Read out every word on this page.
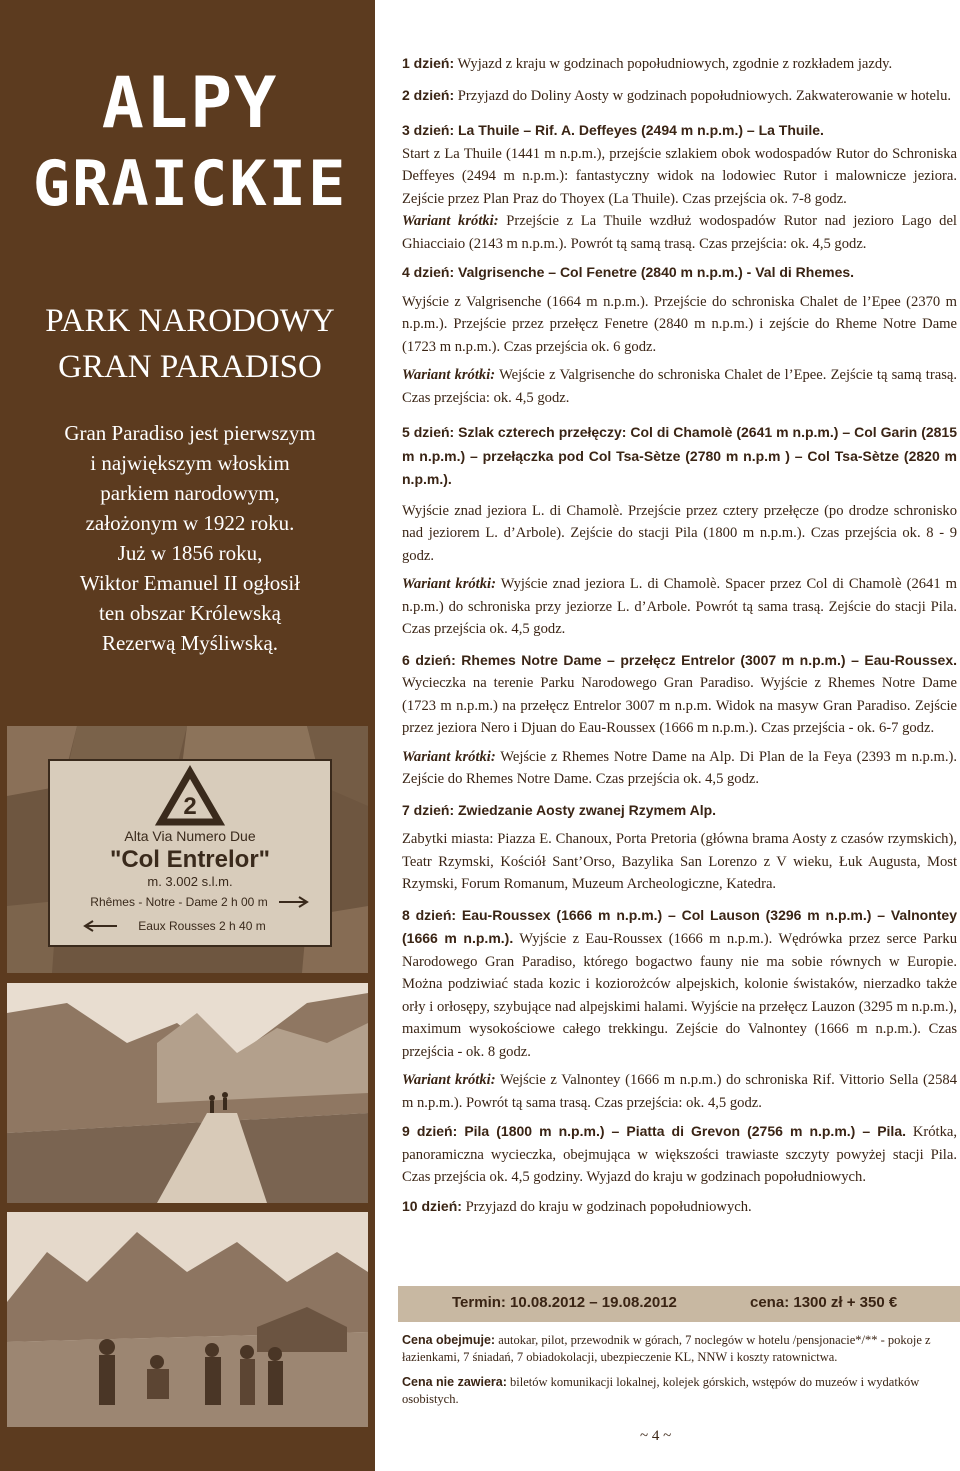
ALPY
GRAICKIE
PARK NARODOWY
GRAN PARADISO
Gran Paradiso jest pierwszym
i największym włoskim
parkiem narodowym,
założonym w 1922 roku.
Już w 1856 roku,
Wiktor Emanuel II ogłosił
ten obszar Królewską
Rezerwą Myśliwską.
2
Alta Via Numero Due
"Col Entrelor"
m. 3.002 s.l.m.
Rhêmes - Notre - Dame 2 h 00 m
Eaux Rousses 2 h 40 m

1 dzień: Wyjazd z kraju w godzinach popołudniowych, zgodnie z rozkładem jazdy.

2 dzień: Przyjazd do Doliny Aosty w godzinach popołudniowych. Zakwaterowanie w hotelu.

3 dzień: La Thuile – Rif. A. Deffeyes (2494 m n.p.m.) – La Thuile.
Start z La Thuile (1441 m n.p.m.), przejście szlakiem obok wodospadów Rutor do Schroniska Deffeyes (2494 m n.p.m.): fantastyczny widok na lodowiec Rutor i malownicze jeziora. Zejście przez Plan Praz do Thoyex (La Thuile). Czas przejścia ok. 7-8 godz.
Wariant krótki: Przejście z La Thuile wzdłuż wodospadów Rutor nad jezioro Lago del Ghiacciaio (2143 m n.p.m.). Powrót tą samą trasą. Czas przejścia: ok. 4,5 godz.

4 dzień: Valgrisenche – Col Fenetre (2840 m n.p.m.) - Val di Rhemes.

Wyjście z Valgrisenche (1664 m n.p.m.). Przejście do schroniska Chalet de l’Epee (2370 m n.p.m.). Przejście przez przełęcz Fenetre (2840 m n.p.m.) i zejście do Rheme Notre Dame (1723 m n.p.m.). Czas przejścia ok. 6 godz.

Wariant krótki: Wejście z Valgrisenche do schroniska Chalet de l’Epee. Zejście tą samą trasą. Czas przejścia: ok. 4,5 godz.

5 dzień: Szlak czterech przełęczy: Col di Chamolè (2641 m n.p.m.) – Col Garin (2815 m n.p.m.) – przełączka pod Col Tsa-Sètze (2780 m n.p.m ) – Col Tsa-Sètze (2820 m n.p.m.).

Wyjście znad jeziora L. di Chamolè. Przejście przez cztery przełęcze (po drodze schronisko nad jeziorem L. d’Arbole). Zejście do stacji Pila (1800 m n.p.m.). Czas przejścia ok. 8 - 9 godz.

Wariant krótki: Wyjście znad jeziora L. di Chamolè. Spacer przez Col di Chamolè (2641 m n.p.m.) do schroniska przy jeziorze L. d’Arbole. Powrót tą sama trasą. Zejście do stacji Pila. Czas przejścia ok. 4,5 godz.

6 dzień: Rhemes Notre Dame – przełęcz Entrelor (3007 m n.p.m.) – Eau-Roussex. Wycieczka na terenie Parku Narodowego Gran Paradiso. Wyjście z Rhemes Notre Dame (1723 m n.p.m.) na przełęcz Entrelor 3007 m n.p.m. Widok na masyw Gran Paradiso. Zejście przez jeziora Nero i Djuan do Eau-Roussex (1666 m n.p.m.). Czas przejścia - ok. 6-7 godz.

Wariant krótki: Wejście z Rhemes Notre Dame na Alp. Di Plan de la Feya (2393 m n.p.m.). Zejście do Rhemes Notre Dame. Czas przejścia ok. 4,5 godz.

7 dzień: Zwiedzanie Aosty zwanej Rzymem Alp.

Zabytki miasta: Piazza E. Chanoux, Porta Pretoria (główna brama Aosty z czasów rzymskich), Teatr Rzymski, Kościół Sant’Orso, Bazylika San Lorenzo z V wieku, Łuk Augusta, Most Rzymski, Forum Romanum, Muzeum Archeologiczne, Katedra.

8 dzień: Eau-Roussex (1666 m n.p.m.) – Col Lauson (3296 m n.p.m.) – Valnontey (1666 m n.p.m.). Wyjście z Eau-Roussex (1666 m n.p.m.). Wędrówka przez serce Parku Narodowego Gran Paradiso, którego bogactwo fauny nie ma sobie równych w Europie. Można podziwiać stada kozic i koziorożców alpejskich, kolonie świstaków, nierzadko także orły i orłosępy, szybujące nad alpejskimi halami. Wyjście na przełęcz Lauzon (3295 m n.p.m.), maximum wysokościowe całego trekkingu. Zejście do Valnontey (1666 m n.p.m.). Czas przejścia - ok. 8 godz.

Wariant krótki: Wejście z Valnontey (1666 m n.p.m.) do schroniska Rif. Vittorio Sella (2584 m n.p.m.). Powrót tą sama trasą. Czas przejścia: ok. 4,5 godz.

9 dzień: Pila (1800 m n.p.m.) – Piatta di Grevon (2756 m n.p.m.) – Pila. Krótka, panoramiczna wycieczka, obejmująca w większości trawiaste szczyty powyżej stacji Pila. Czas przejścia ok. 4,5 godziny. Wyjazd do kraju w godzinach popołudniowych.

10 dzień: Przyjazd do kraju w godzinach popołudniowych.

Termin: 10.08.2012 – 19.08.2012	cena: 1300 zł + 350 €
Cena obejmuje: autokar, pilot, przewodnik w górach, 7 noclegów w hotelu /pensjonacie*/** - pokoje z łazienkami, 7 śniadań, 7 obiadokolacji, ubezpieczenie KL, NNW i koszty ratownictwa.
Cena nie zawiera: biletów komunikacji lokalnej, kolejek górskich, wstępów do muzeów i wydatków osobistych.
~ 4 ~
